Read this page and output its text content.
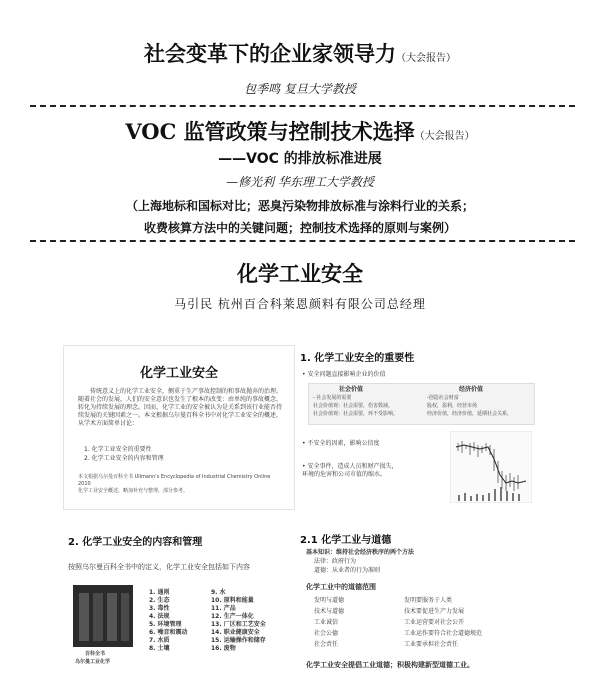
社会变革下的企业家领导力（大会报告）
包季鸣 复旦大学教授
VOC 监管政策与控制技术选择（大会报告）
——VOC 的排放标准进展
—修光利 华东理工大学教授
（上海地标和国标对比；恶臭污染物排放标准与涂料行业的关系；
收费核算方法中的关键问题；控制技术选择的原则与案例）
化学工业安全
马引民 杭州百合科莱恩颜料有限公司总经理
化学工业安全
传统意义上的化学工业安全，侧重于生产事故控制的和事故抛弃的治理。随着社会的发展，人们的安全意识也发生了根本的改变：由单纯的事故概念，转化为持续发展的理念。因而，化学工业的安全被认为是关系到该行业能否持续发展的关键因素之一。本文根据乌尔曼百科全书中对化学工业安全的概述，从学术方面简单讨论：
1. 化学工业安全的重要性
2. 化学工业安全的内容和管理
本文根据乌尔曼百科全书 Ullmann's Encyclopedia of Industrial Chemistry Online 2010
化学工业安全概述，略加补充与整理，部分参考。
1. 化学工业安全的重要性
• 安全问题直接影响企业的价值
社会价值
- 社会发展的需要
社会价值观：社会需要，伤害数减。
社会价值观：社会需要，环不受影响。
经济价值
-创造社会财富
股权，盈利，经营市场
经济价值，经济价值，延期社会关系，
• 不安全的因素，影响公信度
• 安全事件，造成人员和财产损失，环境的危害和公司市值的缩水。
2. 化学工业安全的内容和管理
按照乌尔曼百科全书中的定义，化学工业安全包括如下内容
百科全书
乌尔曼工业化学
1. 通则
2. 生态
3. 毒性
4. 法规
5. 环境管理
6. 噪音和震动
7. 水质
8. 土壤
9. 水
10. 原料和能量
11. 产品
12. 生产一体化
13. 厂区和工艺安全
14. 职业健康安全
15. 运输操作和储存
16. 废物
2.1 化学工业与道德
基本知识：维持社会经济秩序的两个方法
法律：政府行为
道德：从业者的行为准则
化学工业中的道德范围
发明与道德
技术与道德
工业诚信
社会公德
社会责任
发明要服务于人类
技术要促进生产力发展
工业运营要对社会公开
工业运作要符合社会道德规范
工业要承担社会责任
化学工业安全提倡工业道德；积极构建新型道德工业。
